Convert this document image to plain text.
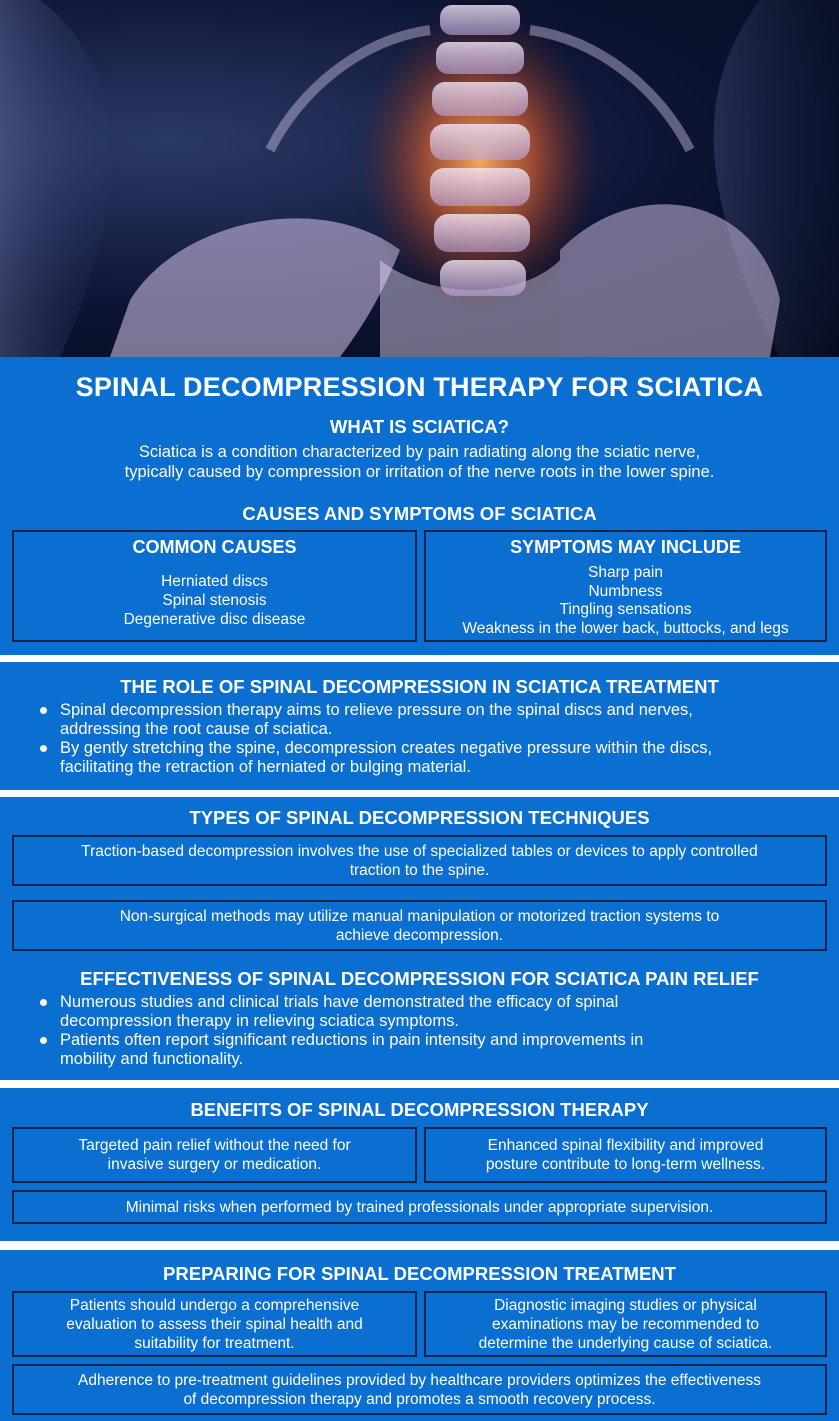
SPINAL DECOMPRESSION THERAPY FOR SCIATICA
WHAT IS SCIATICA?
Sciatica is a condition characterized by pain radiating along the sciatic nerve,
typically caused by compression or irritation of the nerve roots in the lower spine.
CAUSES AND SYMPTOMS OF SCIATICA
COMMON CAUSES
Herniated discs
Spinal stenosis
Degenerative disc disease
SYMPTOMS MAY INCLUDE
Sharp pain
Numbness
Tingling sensations
Weakness in the lower back, buttocks, and legs
THE ROLE OF SPINAL DECOMPRESSION IN SCIATICA TREATMENT
Spinal decompression therapy aims to relieve pressure on the spinal discs and nerves,
addressing the root cause of sciatica.
By gently stretching the spine, decompression creates negative pressure within the discs,
facilitating the retraction of herniated or bulging material.
TYPES OF SPINAL DECOMPRESSION TECHNIQUES
Traction-based decompression involves the use of specialized tables or devices to apply controlled
traction to the spine.
Non-surgical methods may utilize manual manipulation or motorized traction systems to
achieve decompression.
EFFECTIVENESS OF SPINAL DECOMPRESSION FOR SCIATICA PAIN RELIEF
Numerous studies and clinical trials have demonstrated the efficacy of spinal
decompression therapy in relieving sciatica symptoms.
Patients often report significant reductions in pain intensity and improvements in
mobility and functionality.
BENEFITS OF SPINAL DECOMPRESSION THERAPY
Targeted pain relief without the need for
invasive surgery or medication.
Enhanced spinal flexibility and improved
posture contribute to long-term wellness.
Minimal risks when performed by trained professionals under appropriate supervision.
PREPARING FOR SPINAL DECOMPRESSION TREATMENT
Patients should undergo a comprehensive
evaluation to assess their spinal health and
suitability for treatment.
Diagnostic imaging studies or physical
examinations may be recommended to
determine the underlying cause of sciatica.
Adherence to pre-treatment guidelines provided by healthcare providers optimizes the effectiveness
of decompression therapy and promotes a smooth recovery process.
